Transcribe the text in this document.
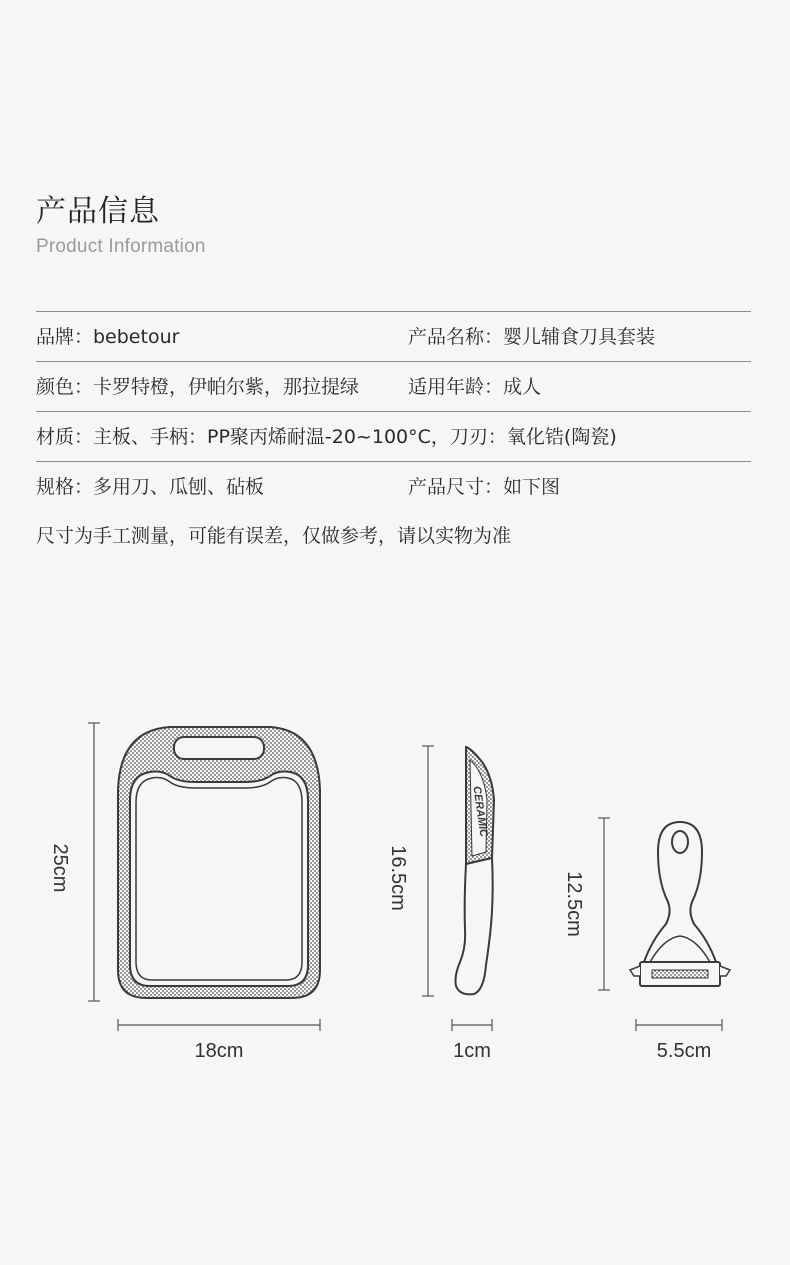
产品信息
Product Information
品牌：bebetour	产品名称：婴儿辅食刀具套装
颜色：卡罗特橙，伊帕尔紫，那拉提绿	适用年龄：成人
材质：主板、手柄：PP聚丙烯耐温-20~100°C，刀刃：氧化锆(陶瓷)
规格：多用刀、瓜刨、砧板	产品尺寸：如下图
尺寸为手工测量，可能有误差，仅做参考，请以实物为准
25cm
18cm
CERAMIC
16.5cm
1cm
12.5cm
5.5cm
